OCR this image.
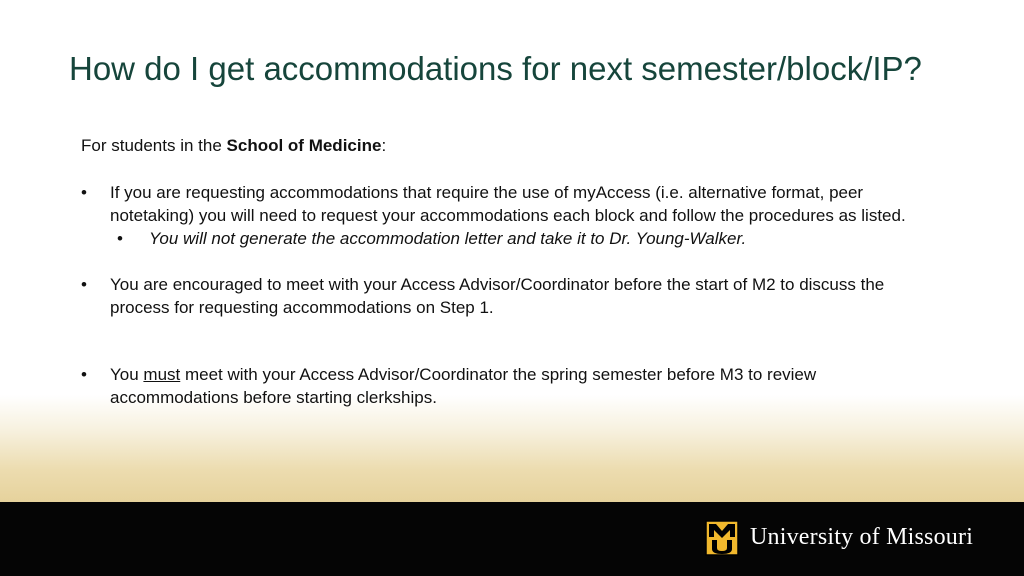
How do I get accommodations for next semester/block/IP?

For students in the School of Medicine:

• If you are requesting accommodations that require the use of myAccess (i.e. alternative format, peer notetaking) you will need to request your accommodations each block and follow the procedures as listed.

• You will not generate the accommodation letter and take it to Dr. Young-Walker.

• You are encouraged to meet with your Access Advisor/Coordinator before the start of M2 to discuss the process for requesting accommodations on Step 1.

• You must meet with your Access Advisor/Coordinator the spring semester before M3 to review accommodations before starting clerkships.

University of Missouri
